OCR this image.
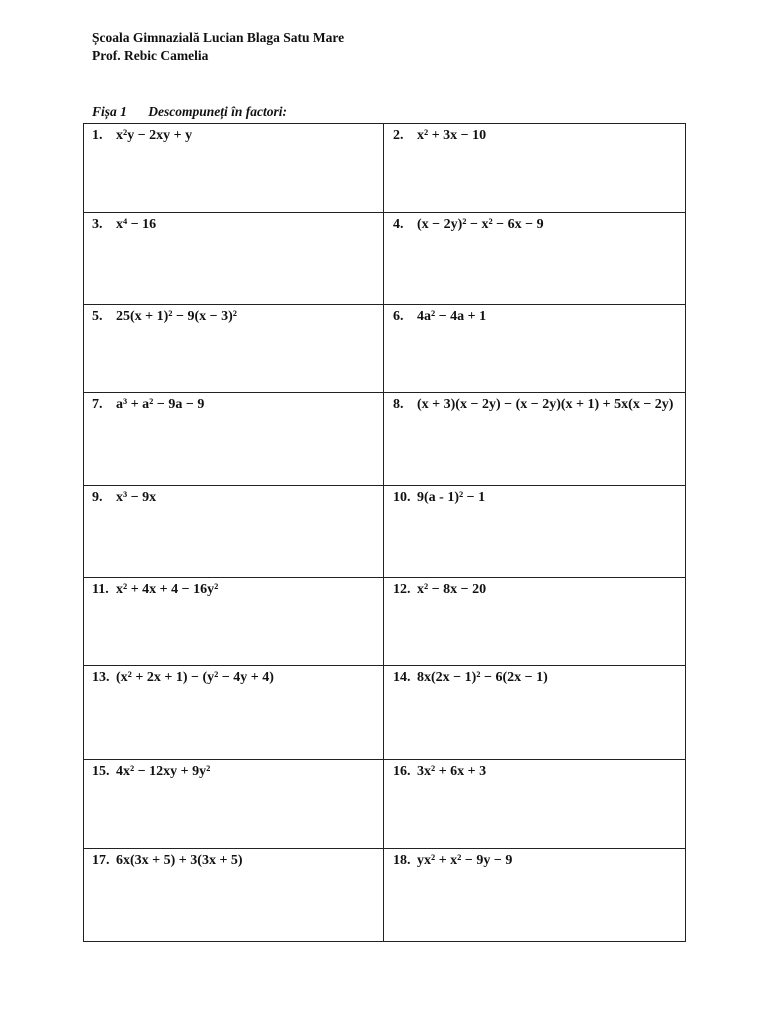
Școala Gimnazială Lucian Blaga Satu Mare
Prof. Rebic Camelia
Fișa 1 Descompuneți în factori:
1. x²y − 2xy + y	2. x² + 3x − 10
3. x⁴ − 16	4. (x − 2y)² − x² − 6x − 9
5. 25(x + 1)² − 9(x − 3)²	6. 4a² − 4a + 1
7. a³ + a² − 9a − 9	8. (x + 3)(x − 2y) − (x − 2y)(x + 1) + 5x(x − 2y)
9. x³ − 9x	10. 9(a - 1)² − 1
11. x² + 4x + 4 − 16y²	12. x² − 8x − 20
13. (x² + 2x + 1) − (y² − 4y + 4)	14. 8x(2x − 1)² − 6(2x − 1)
15. 4x² − 12xy + 9y²	16. 3x² + 6x + 3
17. 6x(3x + 5) + 3(3x + 5)	18. yx² + x² − 9y − 9
